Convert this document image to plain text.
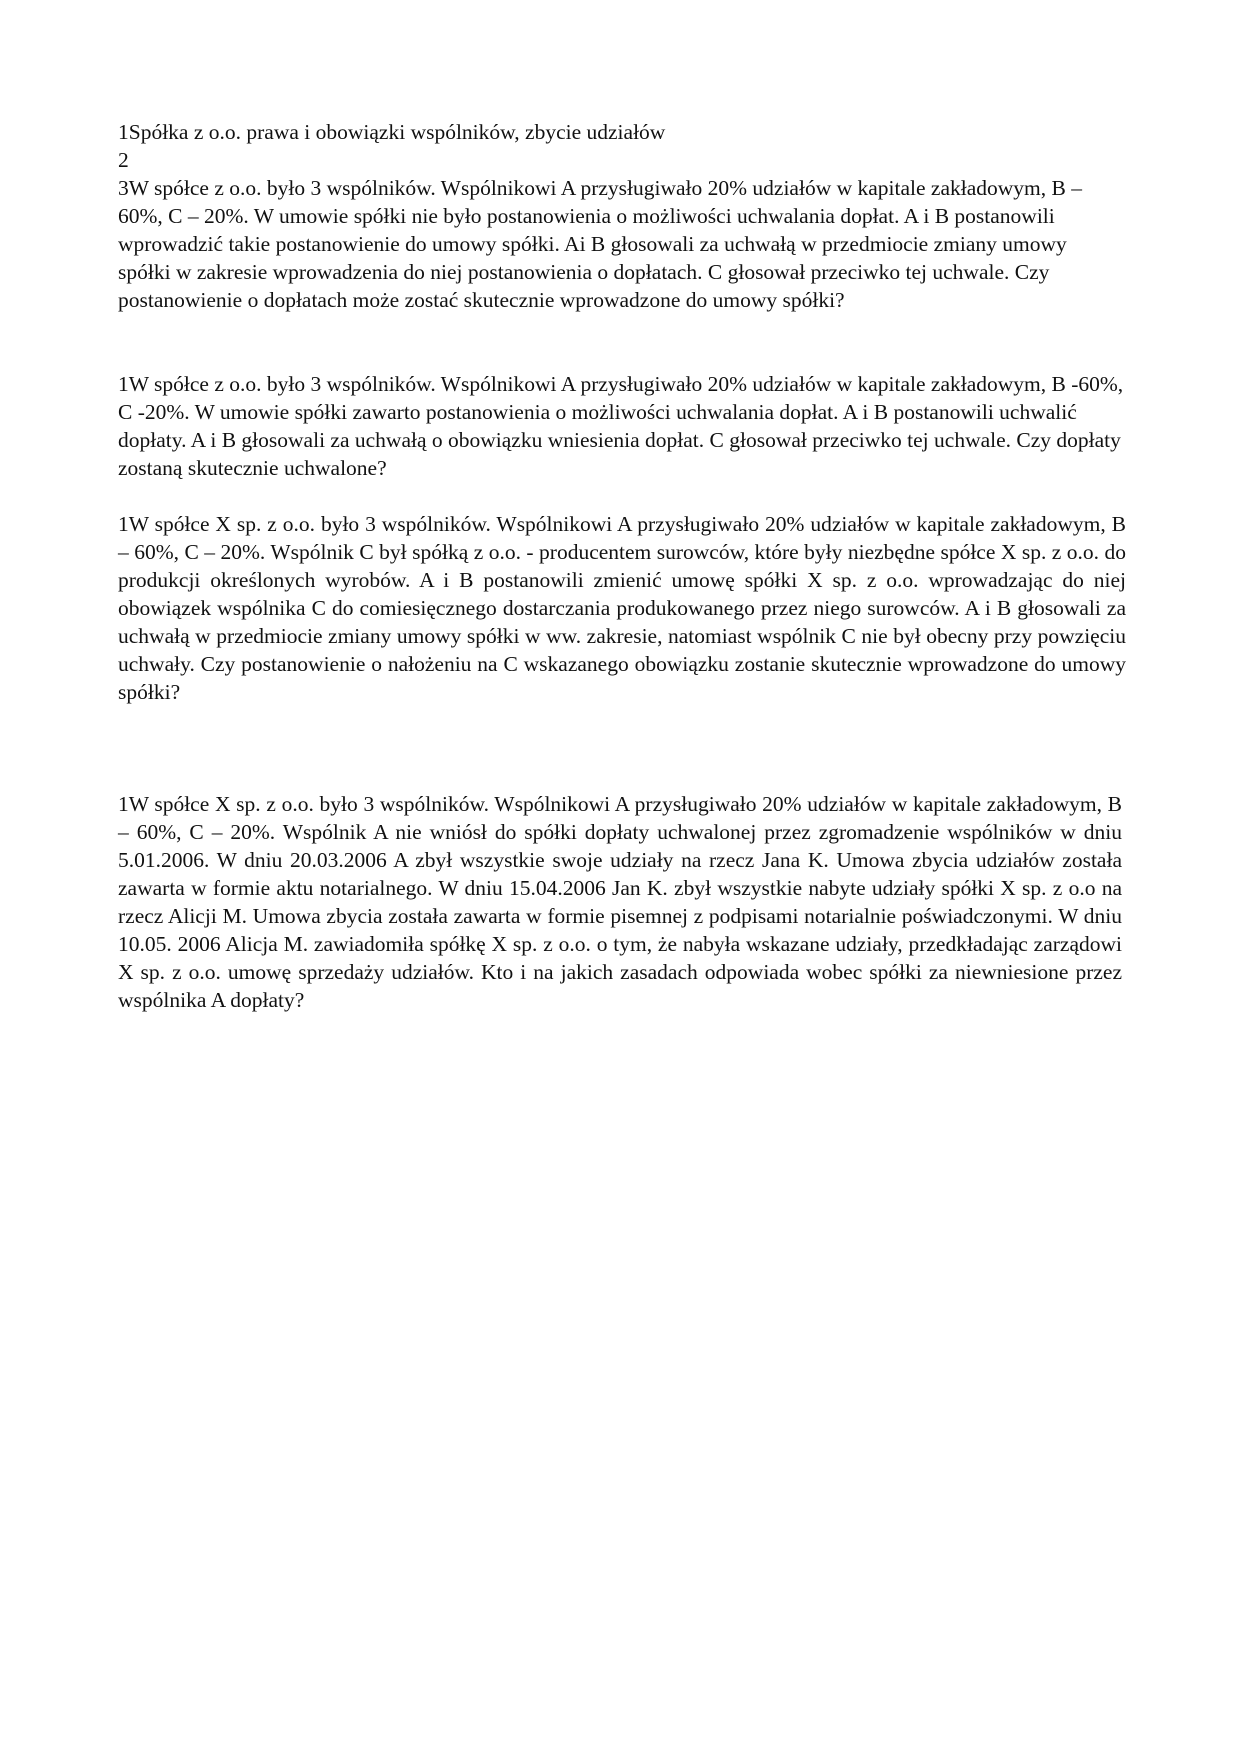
1Spółka z o.o. prawa i obowiązki wspólników, zbycie udziałów

2

3W spółce z o.o. było 3 wspólników. Wspólnikowi A przysługiwało 20% udziałów w kapitale zakładowym, B – 60%, C – 20%. W umowie spółki nie było postanowienia o możliwości uchwalania dopłat. A i B postanowili wprowadzić takie postanowienie do umowy spółki. Ai B głosowali za uchwałą w przedmiocie zmiany umowy spółki w zakresie wprowadzenia do niej postanowienia o dopłatach. C głosował przeciwko tej uchwale. Czy postanowienie o dopłatach może zostać skutecznie wprowadzone do umowy spółki?

1W spółce z o.o. było 3 wspólników. Wspólnikowi A przysługiwało 20% udziałów w kapitale zakładowym, B -60%, C -20%. W umowie spółki zawarto postanowienia o możliwości uchwalania dopłat. A i B postanowili uchwalić dopłaty. A i B głosowali za uchwałą o obowiązku wniesienia dopłat. C głosował przeciwko tej uchwale. Czy dopłaty zostaną skutecznie uchwalone?

1W spółce X sp. z o.o. było 3 wspólników. Wspólnikowi A przysługiwało 20% udziałów w kapitale zakładowym, B – 60%, C – 20%. Wspólnik C był spółką z o.o. - producentem surowców, które były niezbędne spółce X sp. z o.o. do produkcji określonych wyrobów. A i B postanowili zmienić umowę spółki X sp. z o.o. wprowadzając do niej obowiązek wspólnika C do comiesięcznego dostarczania produkowanego przez niego surowców. A i B głosowali za uchwałą w przedmiocie zmiany umowy spółki w ww. zakresie, natomiast wspólnik C nie był obecny przy powzięciu uchwały. Czy postanowienie o nałożeniu na C wskazanego obowiązku zostanie skutecznie wprowadzone do umowy spółki?

1W spółce X sp. z o.o. było 3 wspólników. Wspólnikowi A przysługiwało 20% udziałów w kapitale zakładowym, B – 60%, C – 20%. Wspólnik A nie wniósł do spółki dopłaty uchwalonej przez zgromadzenie wspólników w dniu 5.01.2006. W dniu 20.03.2006 A zbył wszystkie swoje udziały na rzecz Jana K. Umowa zbycia udziałów została zawarta w formie aktu notarialnego. W dniu 15.04.2006 Jan K. zbył wszystkie nabyte udziały spółki X sp. z o.o na rzecz Alicji M. Umowa zbycia została zawarta w formie pisemnej z podpisami notarialnie poświadczonymi. W dniu 10.05. 2006 Alicja M. zawiadomiła spółkę X sp. z o.o. o tym, że nabyła wskazane udziały, przedkładając zarządowi X sp. z o.o. umowę sprzedaży udziałów. Kto i na jakich zasadach odpowiada wobec spółki za niewniesione przez wspólnika A dopłaty?
